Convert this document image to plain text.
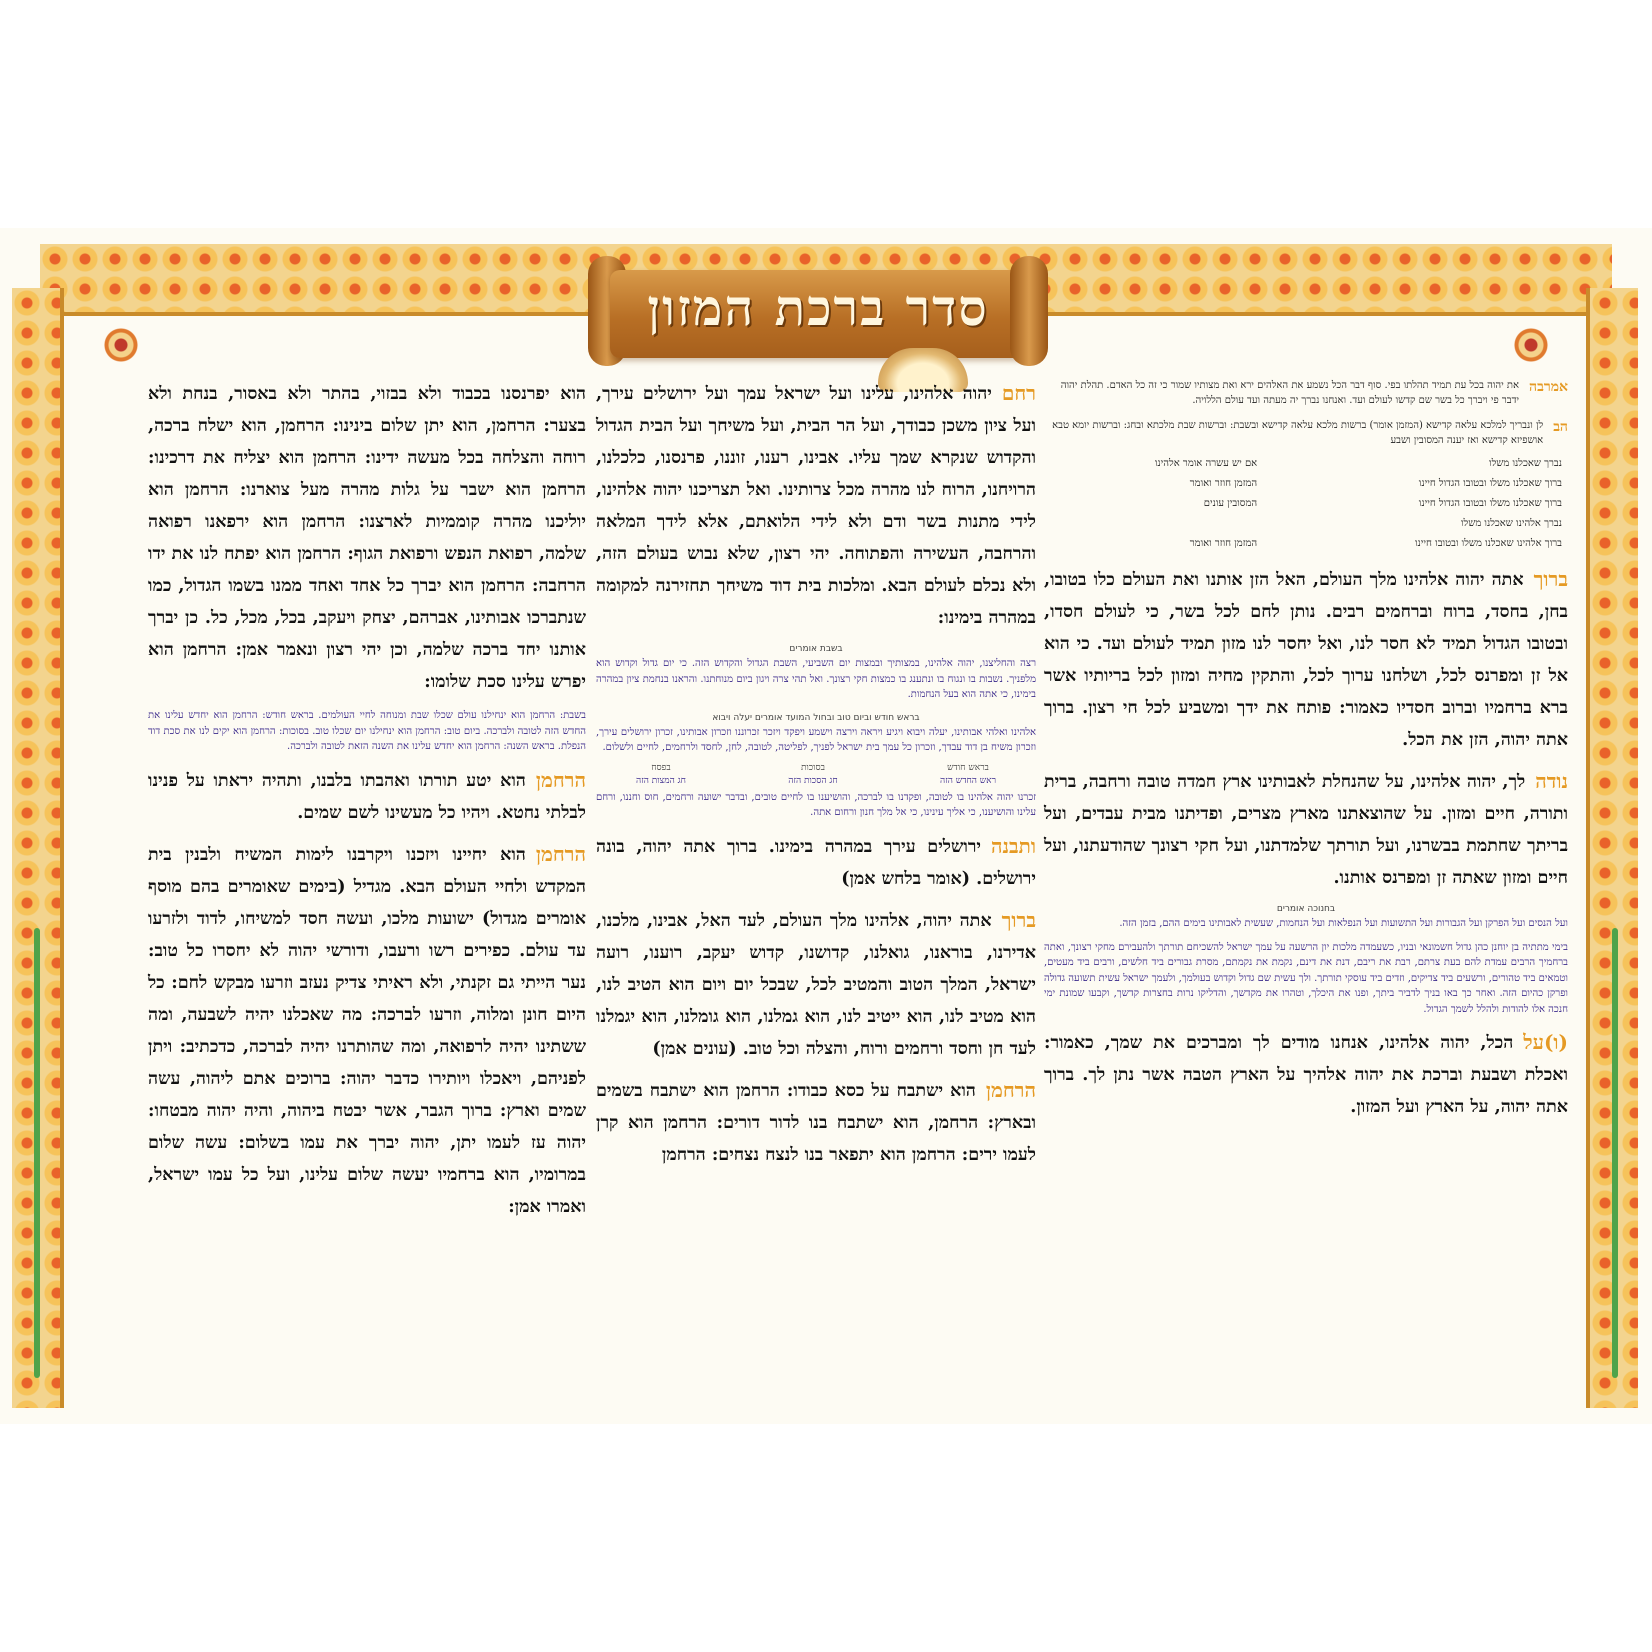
סדר ברכת המזון
אמרבה

את יהוה בכל עת תמיד תהלתו בפי. סוף דבר הכל נשמע את האלהים ירא ואת מצותיו שמור כי זה כל האדם. תהלת יהוה ידבר פי ויברך כל בשר שם קדשו לעולם ועד. ואנחנו נברך יה מעתה ועד עולם הללויה.

הב

לן ונבריך למלכא עלאה קדישא (המזמן אומר) ברשות מלכא עלאה קדישא ובשבת: וברשות שבת מלכתא ובחג: וברשות יומא טבא אושפיזא קדישא ואז יענה המסובין ושבע

נברך שאכלנו משלו	אם יש עשרה אומר אלהינו
ברוך שאכלנו משלו ובטובו הגדול חיינו	המזמן חוזר ואומר
ברוך שאכלנו משלו ובטובו הגדול חיינו	המסובין עונים
נברך אלהינו שאכלנו משלו	
ברוך אלהינו שאכלנו משלו ובטובו חיינו	המזמן חוזר ואומר
ברוך

אתה יהוה אלהינו מלך העולם, האל הזן אותנו ואת העולם כלו בטובו, בחן, בחסד, ברוח וברחמים רבים. נותן לחם לכל בשר, כי לעולם חסדו, ובטובו הגדול תמיד לא חסר לנו, ואל יחסר לנו מזון תמיד לעולם ועד. כי הוא אל זן ומפרנס לכל, ושלחנו ערוך לכל, והתקין מחיה ומזון לכל בריותיו אשר ברא ברחמיו וברוב חסדיו כאמור: פותח את ידך ומשביע לכל חי רצון. ברוך אתה יהוה, הזן את הכל.

נודה

לך, יהוה אלהינו, על שהנחלת לאבותינו ארץ חמדה טובה ורחבה, ברית ותורה, חיים ומזון. על שהוצאתנו מארץ מצרים, ופדיתנו מבית עבדים, ועל בריתך שחתמת בבשרנו, ועל תורתך שלמדתנו, ועל חקי רצונך שהודעתנו, ועל חיים ומזון שאתה זן ומפרנס אותנו.

בחנוכה אומרים

ועל הנסים ועל הפרקן ועל הגבורות ועל התשועות ועל הנפלאות ועל הנחמות, שעשית לאבותינו בימים ההם, בזמן הזה.

בימי מתתיה בן יוחנן כהן גדול חשמונאי ובניו, כשעמדה מלכות יון הרשעה על עמך ישראל להשכיחם תורתך ולהעבירם מחקי רצונך, ואתה ברחמיך הרבים עמדת להם בעת צרתם, רבת את ריבם, דנת את דינם, נקמת את נקמתם, מסרת גבורים ביד חלשים, ורבים ביד מעטים, וטמאים ביד טהורים, ורשעים ביד צדיקים, וזדים ביד עוסקי תורתך. ולך עשית שם גדול וקדוש בעולמך, ולעמך ישראל עשית תשועה גדולה ופרקן כהיום הזה. ואחר כך באו בניך לדביר ביתך, ופנו את היכלך, וטהרו את מקדשך, והדליקו נרות בחצרות קדשך, וקבעו שמונת ימי חנכה אלו להודות ולהלל לשמך הגדול.

(ו)על

הכל, יהוה אלהינו, אנחנו מודים לך ומברכים את שמך, כאמור: ואכלת ושבעת וברכת את יהוה אלהיך על הארץ הטבה אשר נתן לך. ברוך אתה יהוה, על הארץ ועל המזון.

רחם

יהוה אלהינו, עלינו ועל ישראל עמך ועל ירושלים עירך, ועל ציון משכן כבודך, ועל הר הבית, ועל משיחך ועל הבית הגדול והקדוש שנקרא שמך עליו. אבינו, רענו, זוננו, פרנסנו, כלכלנו, הרויחנו, הרוח לנו מהרה מכל צרותינו. ואל תצריכנו יהוה אלהינו, לידי מתנות בשר ודם ולא לידי הלואתם, אלא לידך המלאה והרחבה, העשירה והפתוחה. יהי רצון, שלא נבוש בעולם הזה, ולא נכלם לעולם הבא. ומלכות בית דוד משיחך תחזירנה למקומה במהרה בימינו:

בשבת אומרים

רצה והחליצנו, יהוה אלהינו, במצותיך ובמצות יום השביעי, השבת הגדול והקדוש הזה. כי יום גדול וקדוש הוא מלפניך. נשבות בו ונגוח בו ונתענג בו כמצות חקי רצונך. ואל תהי צרה ויגון ביום מנוחתנו. והראנו בנחמת ציון במהרה בימינו, כי אתה הוא בעל הנחמות.

בראש חודש וביום טוב ובחול המועד אומרים יעלה ויבוא

אלהינו ואלהי אבותינו, יעלה ויבוא ויגיע ויראה וירצה וישמע ויפקד ויזכר זכרוננו וזכרון אבותינו, זכרון ירושלים עירך, וזכרון משיח בן דוד עבדך, וזכרון כל עמך בית ישראל לפניך, לפליטה, לטובה, לחן, לחסד ולרחמים, לחיים ולשלום.

בראש חודש
ראש החדש הזה
בסוכות
חג הסכות הזה
בפסח
חג המצות הזה

זכרנו יהוה אלהינו בו לטובה, ופקדנו בו לברכה, והושיענו בו לחיים טובים, ובדבר ישועה ורחמים, חוס וחננו, ורחם עלינו והושיענו, כי אליך עינינו, כי אל מלך חנון ורחום אתה.

ותבנה

ירושלים עירך במהרה בימינו. ברוך אתה יהוה, בונה ירושלים. (אומר בלחש אמן)

ברוך

אתה יהוה, אלהינו מלך העולם, לעד האל, אבינו, מלכנו, אדירנו, בוראנו, גואלנו, קדושנו, קדוש יעקב, רוענו, רועה ישראל, המלך הטוב והמטיב לכל, שבכל יום ויום הוא הטיב לנו, הוא מטיב לנו, הוא ייטיב לנו, הוא גמלנו, הוא גומלנו, הוא יגמלנו לעד חן וחסד ורחמים ורוח, והצלה וכל טוב. (עונים אמן)

הרחמן

הוא ישתבח על כסא כבודו: הרחמן הוא ישתבח בשמים ובארץ: הרחמן, הוא ישתבח בנו לדור דורים: הרחמן הוא קרן לעמו ירים: הרחמן הוא יתפאר בנו לנצח נצחים: הרחמן

הוא יפרנסנו בכבוד ולא בבזוי, בהתר ולא באסור, בנחת ולא בצער: הרחמן, הוא יתן שלום בינינו: הרחמן, הוא ישלח ברכה, רוחה והצלחה בכל מעשה ידינו: הרחמן הוא יצליח את דרכינו: הרחמן הוא ישבר על גלות מהרה מעל צוארנו: הרחמן הוא יוליכנו מהרה קוממיות לארצנו: הרחמן הוא ירפאנו רפואה שלמה, רפואת הנפש ורפואת הגוף: הרחמן הוא יפתח לנו את ידו הרחבה: הרחמן הוא יברך כל אחד ואחד ממנו בשמו הגדול, כמו שנתברכו אבותינו, אברהם, יצחק ויעקב, בכל, מכל, כל. כן יברך אותנו יחד ברכה שלמה, וכן יהי רצון ונאמר אמן: הרחמן הוא יפרש עלינו סכת שלומו:

בשבת: הרחמן הוא ינחילנו עולם שכלו שבת ומנוחה לחיי העולמים. בראש חודש: הרחמן הוא יחדש עלינו את החדש הזה לטובה ולברכה. ביום טוב: הרחמן הוא ינחילנו יום שכלו טוב. בסוכות: הרחמן הוא יקים לנו את סכת דוד הנפלת. בראש השנה: הרחמן הוא יחדש עלינו את השנה הזאת לטובה ולברכה.

הרחמן

הוא יטע תורתו ואהבתו בלבנו, ותהיה יראתו על פנינו לבלתי נחטא. ויהיו כל מעשינו לשם שמים.

הרחמן

הוא יחיינו ויזכנו ויקרבנו לימות המשיח ולבנין בית המקדש ולחיי העולם הבא. מגדיל (בימים שאומרים בהם מוסף אומרים מגדול) ישועות מלכו, ועשה חסד למשיחו, לדוד ולזרעו עד עולם. כפירים רשו ורעבו, ודורשי יהוה לא יחסרו כל טוב: נער הייתי גם זקנתי, ולא ראיתי צדיק נעזב וזרעו מבקש לחם: כל היום חונן ומלוה, וזרעו לברכה: מה שאכלנו יהיה לשבעה, ומה ששתינו יהיה לרפואה, ומה שהותרנו יהיה לברכה, כדכתיב: ויתן לפניהם, ויאכלו ויותירו כדבר יהוה: ברוכים אתם ליהוה, עשה שמים וארץ: ברוך הגבר, אשר יבטח ביהוה, והיה יהוה מבטחו: יהוה עז לעמו יתן, יהוה יברך את עמו בשלום: עשה שלום במרומיו, הוא ברחמיו יעשה שלום עלינו, ועל כל עמו ישראל, ואמרו אמן:
